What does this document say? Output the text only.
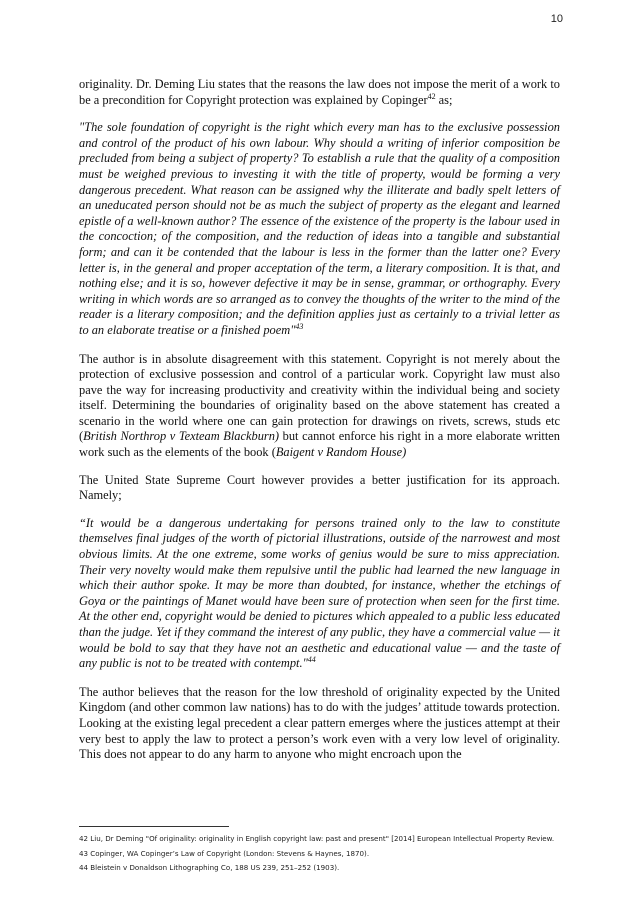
10

originality. Dr. Deming Liu states that the reasons the law does not impose the merit of a work to be a precondition for Copyright protection was explained by Copinger$^{42}$ as;

"The sole foundation of copyright is the right which every man has to the exclusive possession and control of the product of his own labour. Why should a writing of inferior composition be precluded from being a subject of property? To establish a rule that the quality of a composition must be weighed previous to investing it with the title of property, would be forming a very dangerous precedent. What reason can be assigned why the illiterate and badly spelt letters of an uneducated person should not be as much the subject of property as the elegant and learned epistle of a well-known author? The essence of the existence of the property is the labour used in the concoction; of the composition, and the reduction of ideas into a tangible and substantial form; and can it be contended that the labour is less in the former than the latter one? Every letter is, in the general and proper acceptation of the term, a literary composition. It is that, and nothing else; and it is so, however defective it may be in sense, grammar, or orthography. Every writing in which words are so arranged as to convey the thoughts of the writer to the mind of the reader is a literary composition; and the definition applies just as certainly to a trivial letter as to an elaborate treatise or a finished poem"$^{43}$

The author is in absolute disagreement with this statement. Copyright is not merely about the protection of exclusive possession and control of a particular work. Copyright law must also pave the way for increasing productivity and creativity within the individual being and society itself. Determining the boundaries of originality based on the above statement has created a scenario in the world where one can gain protection for drawings on rivets, screws, studs etc (British Northrop v Texteam Blackburn) but cannot enforce his right in a more elaborate written work such as the elements of the book (Baigent v Random House)

The United State Supreme Court however provides a better justification for its approach. Namely;

“It would be a dangerous undertaking for persons trained only to the law to constitute themselves final judges of the worth of pictorial illustrations, outside of the narrowest and most obvious limits. At the one extreme, some works of genius would be sure to miss appreciation. Their very novelty would make them repulsive until the public had learned the new language in which their author spoke. It may be more than doubted, for instance, whether the etchings of Goya or the paintings of Manet would have been sure of protection when seen for the first time. At the other end, copyright would be denied to pictures which appealed to a public less educated than the judge. Yet if they command the interest of any public, they have a commercial value — it would be bold to say that they have not an aesthetic and educational value — and the taste of any public is not to be treated with contempt."$^{44}$

The author believes that the reason for the low threshold of originality expected by the United Kingdom (and other common law nations) has to do with the judges’ attitude towards protection. Looking at the existing legal precedent a clear pattern emerges where the justices attempt at their very best to apply the law to protect a person’s work even with a very low level of originality. This does not appear to do any harm to anyone who might encroach upon the

42 Liu, Dr Deming "Of originality: originality in English copyright law: past and present" [2014] European Intellectual Property Review.
43 Copinger, WA Copinger’s Law of Copyright (London: Stevens & Haynes, 1870).
44 Bleistein v Donaldson Lithographing Co, 188 US 239, 251–252 (1903).
